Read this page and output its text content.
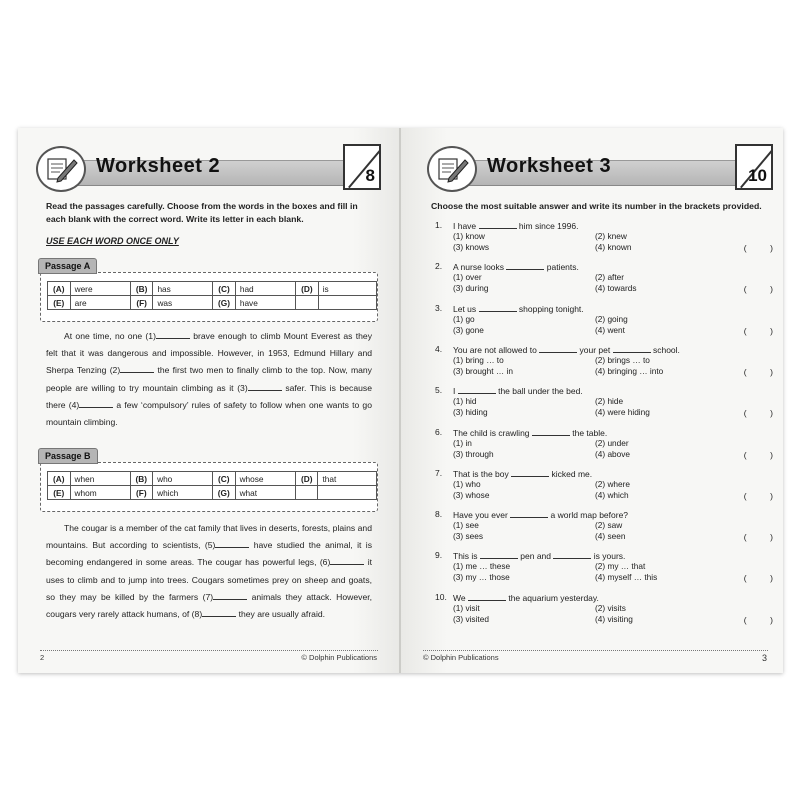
Worksheet 2	8
Read the passages carefully. Choose from the words in the boxes and fill in each blank with the correct word. Write its letter in each blank.
USE EACH WORD ONCE ONLY
(A)	were	(B)	has	(C)	had	(D)	is
(E)	are	(F)	was	(G)	have		
Passage A
At one time, no one (1)	brave enough to climb Mount Everest as they felt that it was dangerous and impossible. However, in 1953, Edmund Hillary and Sherpa Tenzing (2)	the first two men to finally climb to the top. Now, many people are willing to try mountain climbing as it (3)	safer. This is because there (4)	a few ‘compulsory’ rules of safety to follow when one wants to go mountain climbing.
(A)	when	(B)	who	(C)	whose	(D)	that
(E)	whom	(F)	which	(G)	what		
Passage B
The cougar is a member of the cat family that lives in deserts, forests, plains and mountains. But according to scientists, (5)	have studied the animal, it is becoming endangered in some areas. The cougar has powerful legs, (6)	it uses to climb and to jump into trees. Cougars sometimes prey on sheep and goats, so they may be killed by the farmers (7)	animals they attack. However, cougars very rarely attack humans, of (8)	they are usually afraid.
2	© Dolphin Publications
Worksheet 3	10
Choose the most suitable answer and write its number in the brackets provided.
1. I have	him since 1996.
(1) know	(2) knew
(3) knows	(4) known	(          )
2. A nurse looks	patients.
(1) over	(2) after
(3) during	(4) towards	(          )
3. Let us	shopping tonight.
(1) go	(2) going
(3) gone	(4) went	(          )
4. You are not allowed to	your pet	school.
(1) bring … to	(2) brings … to
(3) brought … in	(4) bringing … into	(          )
5. I	the ball under the bed.
(1) hid	(2) hide
(3) hiding	(4) were hiding	(          )
6. The child is crawling	the table.
(1) in	(2) under
(3) through	(4) above	(          )
7. That is the boy	kicked me.
(1) who	(2) where
(3) whose	(4) which	(          )
8. Have you ever	a world map before?
(1) see	(2) saw
(3) sees	(4) seen	(          )
9. This is	pen and	is yours.
(1) me … these	(2) my … that
(3) my … those	(4) myself … this	(          )
10. We	the aquarium yesterday.
(1) visit	(2) visits
(3) visited	(4) visiting	(          )
© Dolphin Publications	3
